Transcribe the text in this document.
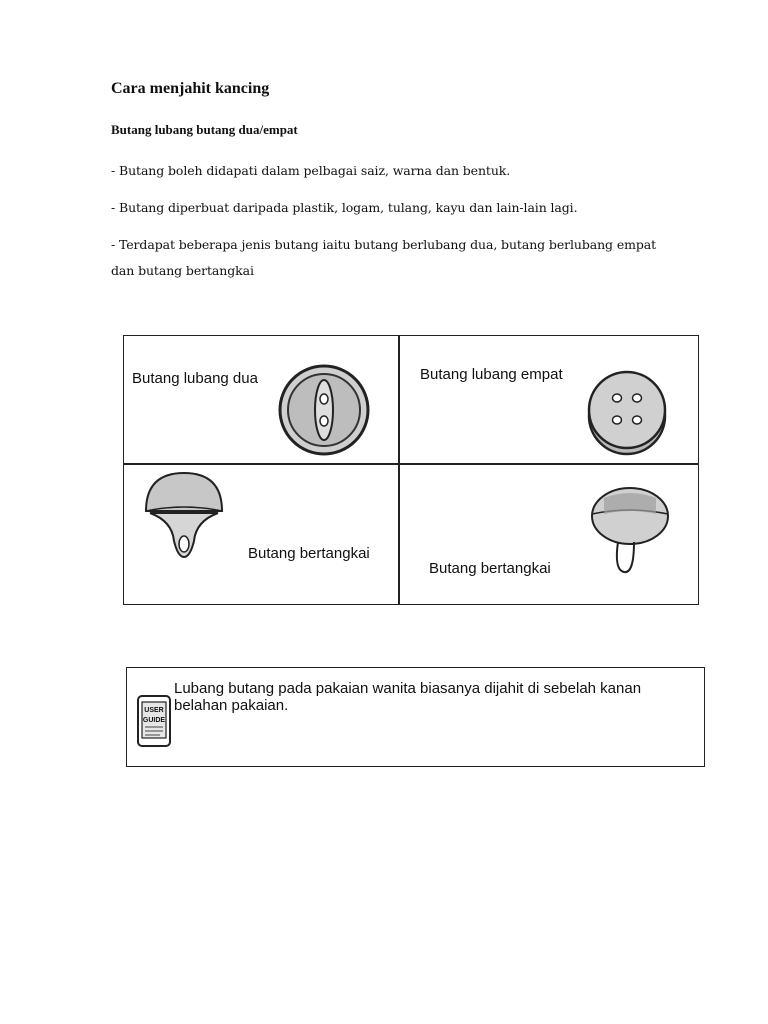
Cara menjahit kancing
Butang lubang butang dua/empat
- Butang boleh didapati dalam pelbagai saiz, warna dan bentuk.
- Butang diperbuat daripada plastik, logam, tulang, kayu dan lain-lain lagi.
- Terdapat beberapa jenis butang iaitu butang berlubang dua, butang berlubang empat dan butang bertangkai
Butang lubang dua	Butang lubang empat
Butang bertangkai
Butang bertangkai
USER
GUIDE
Lubang butang pada pakaian wanita biasanya dijahit di sebelah kanan belahan pakaian.
